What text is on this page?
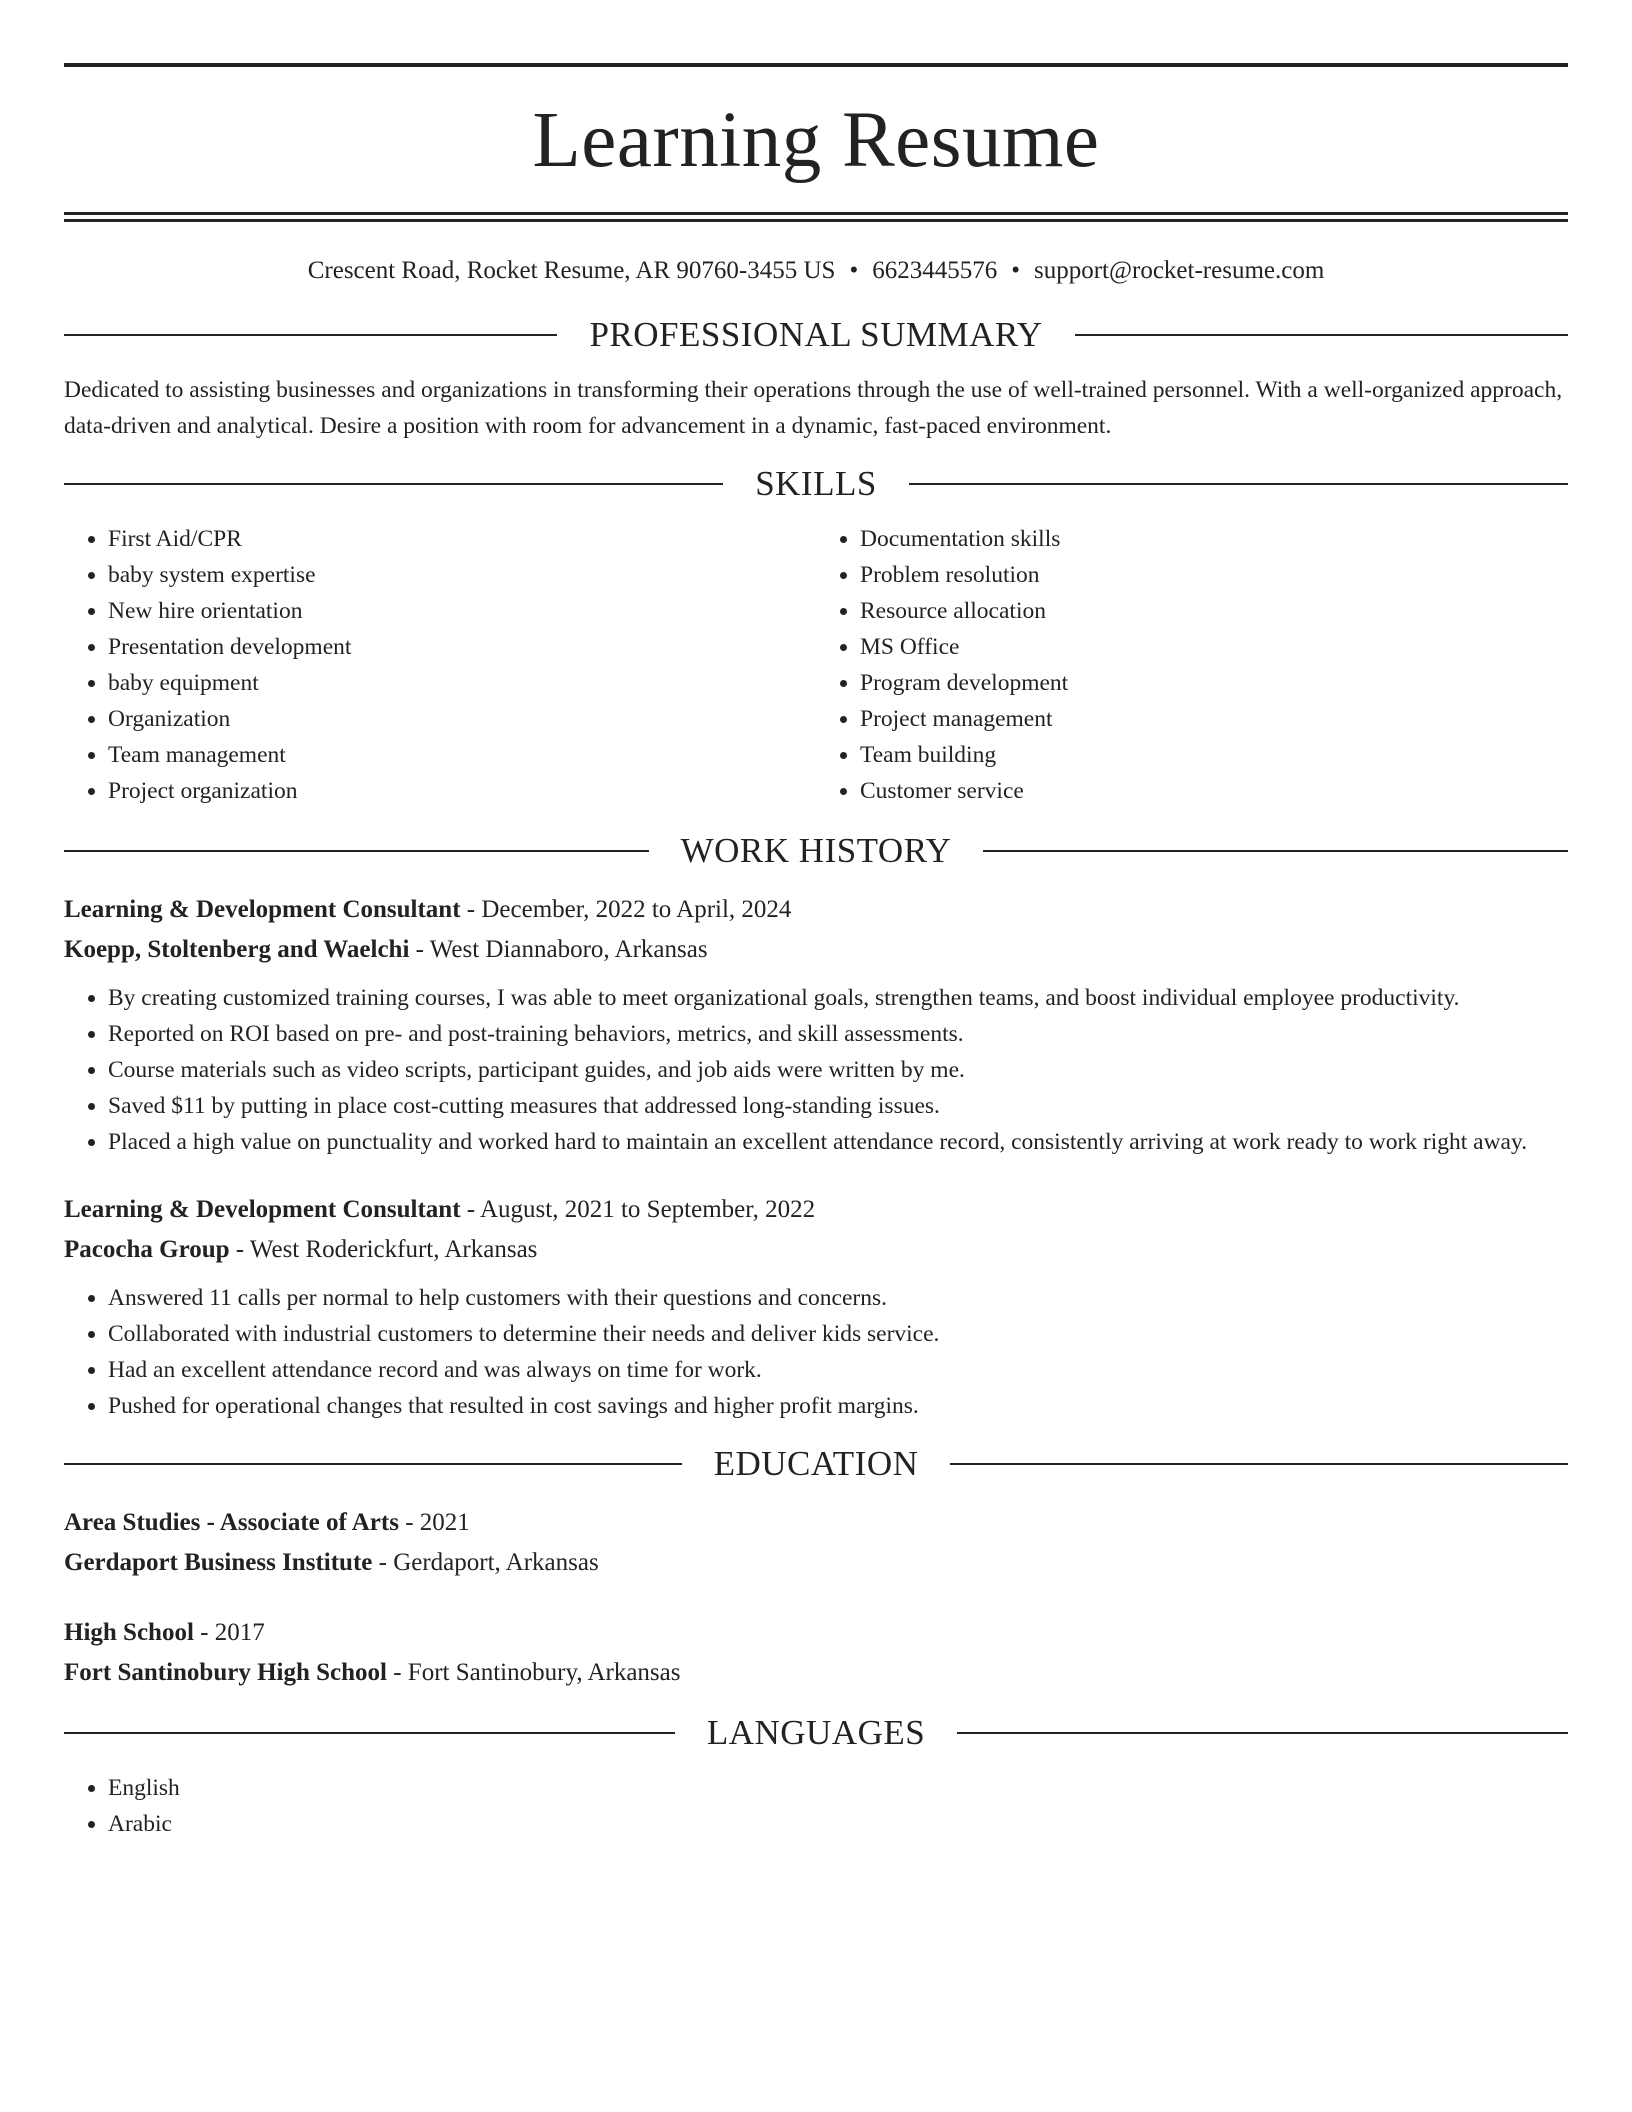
Learning Resume
Crescent Road, Rocket Resume, AR 90760-3455 US • 6623445576 • support@rocket-resume.com
PROFESSIONAL SUMMARY
Dedicated to assisting businesses and organizations in transforming their operations through the use of well-trained personnel. With a well-organized approach, data-driven and analytical. Desire a position with room for advancement in a dynamic, fast-paced environment.
SKILLS
• First Aid/CPR
• baby system expertise
• New hire orientation
• Presentation development
• baby equipment
• Organization
• Team management
• Project organization
• Documentation skills
• Problem resolution
• Resource allocation
• MS Office
• Program development
• Project management
• Team building
• Customer service
WORK HISTORY
Learning & Development Consultant - December, 2022 to April, 2024
Koepp, Stoltenberg and Waelchi - West Diannaboro, Arkansas
• By creating customized training courses, I was able to meet organizational goals, strengthen teams, and boost individual employee productivity.
• Reported on ROI based on pre- and post-training behaviors, metrics, and skill assessments.
• Course materials such as video scripts, participant guides, and job aids were written by me.
• Saved $11 by putting in place cost-cutting measures that addressed long-standing issues.
• Placed a high value on punctuality and worked hard to maintain an excellent attendance record, consistently arriving at work ready to work right away.
Learning & Development Consultant - August, 2021 to September, 2022
Pacocha Group - West Roderickfurt, Arkansas
• Answered 11 calls per normal to help customers with their questions and concerns.
• Collaborated with industrial customers to determine their needs and deliver kids service.
• Had an excellent attendance record and was always on time for work.
• Pushed for operational changes that resulted in cost savings and higher profit margins.
EDUCATION
Area Studies - Associate of Arts - 2021
Gerdaport Business Institute - Gerdaport, Arkansas
High School - 2017
Fort Santinobury High School - Fort Santinobury, Arkansas
LANGUAGES
• English
• Arabic
